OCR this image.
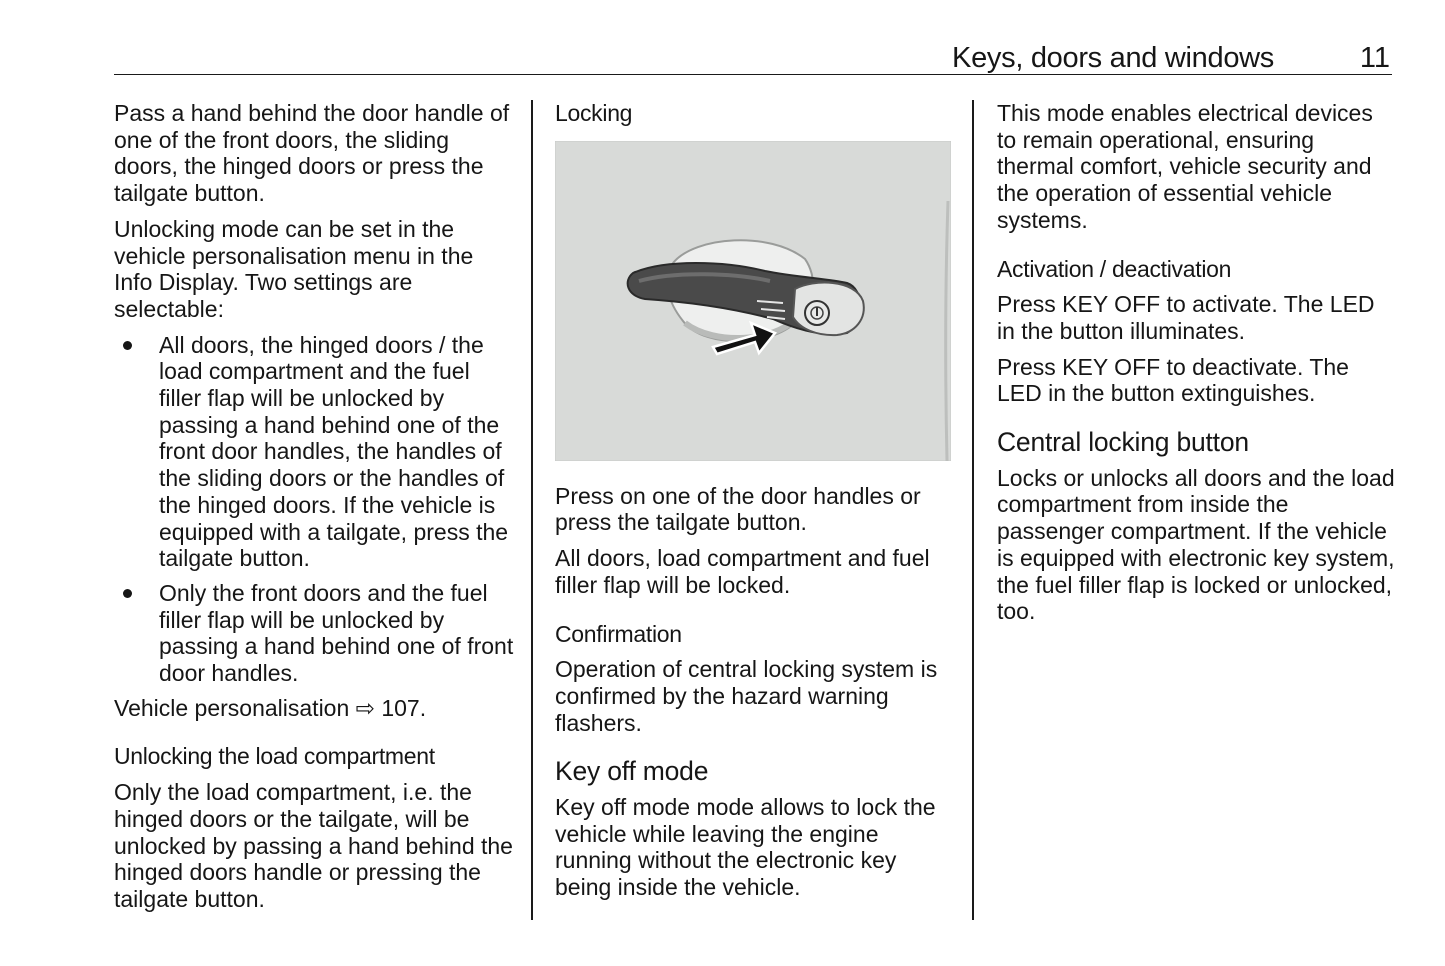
Keys, doors and windows	11

Pass a hand behind the door handle of one of the front doors, the sliding doors, the hinged doors or press the tailgate button.

Unlocking mode can be set in the vehicle personalisation menu in the Info Display. Two settings are selectable:

All doors, the hinged doors / the load compartment and the fuel filler flap will be unlocked by passing a hand behind one of the front door handles, the handles of the sliding doors or the handles of the hinged doors. If the vehicle is equipped with a tailgate, press the tailgate button.
Only the front doors and the fuel filler flap will be unlocked by passing a hand behind one of front door handles.

Vehicle personalisation ⇨ 107.

Unlocking the load compartment

Only the load compartment, i.e. the hinged doors or the tailgate, will be unlocked by passing a hand behind the hinged doors handle or pressing the tailgate button.

Locking

Press on one of the door handles or press the tailgate button.

All doors, load compartment and fuel filler flap will be locked.

Confirmation

Operation of central locking system is confirmed by the hazard warning flashers.

Key off mode

Key off mode mode allows to lock the vehicle while leaving the engine running without the electronic key being inside the vehicle.

This mode enables electrical devices to remain operational, ensuring thermal comfort, vehicle security and the operation of essential vehicle systems.

Activation / deactivation

Press KEY OFF to activate. The LED in the button illuminates.

Press KEY OFF to deactivate. The LED in the button extinguishes.

Central locking button

Locks or unlocks all doors and the load compartment from inside the passenger compartment. If the vehicle is equipped with electronic key system, the fuel filler flap is locked or unlocked, too.
